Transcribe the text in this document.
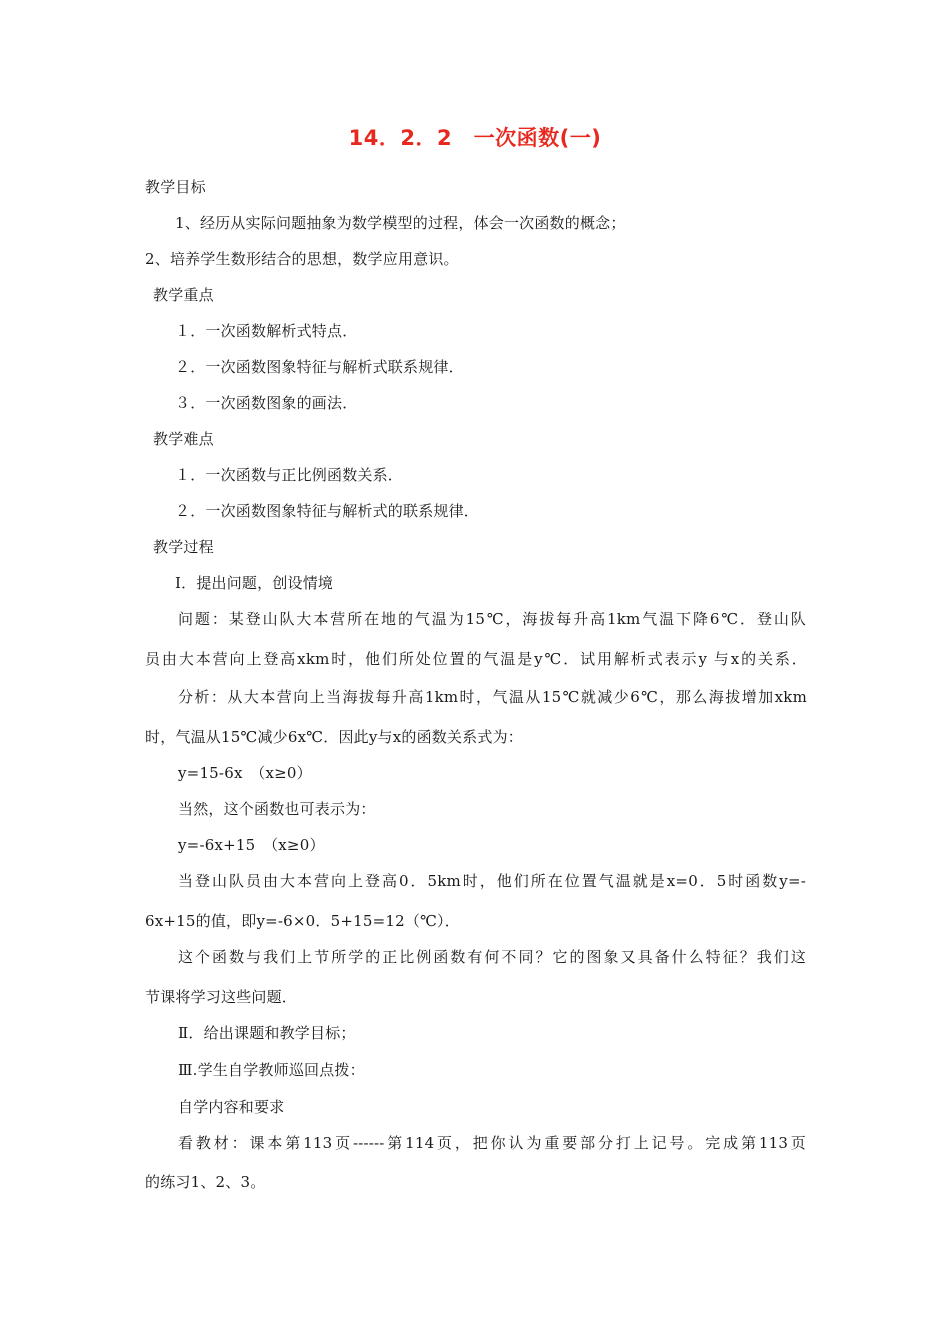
14．2．2　一次函数(一)
教学目标
1、经历从实际问题抽象为数学模型的过程，体会一次函数的概念；
2、培养学生数形结合的思想，数学应用意识。
教学重点
１．一次函数解析式特点．
２．一次函数图象特征与解析式联系规律．
３．一次函数图象的画法．
教学难点
１．一次函数与正比例函数关系．
２．一次函数图象特征与解析式的联系规律．
教学过程
Ⅰ．提出问题，创设情境
问题：某登山队大本营所在地的气温为15℃，海拔每升高1km气温下降6℃．登山队
员由大本营向上登高xkm时，他们所处位置的气温是y℃．试用解析式表示y 与x的关系．
分析：从大本营向上当海拔每升高1km时，气温从15℃就减少6℃，那么海拔增加xkm
时，气温从15℃减少6x℃．因此y与x的函数关系式为：
y=15-6x　（x≥0）
当然，这个函数也可表示为：
y=-6x+15　（x≥0）
当登山队员由大本营向上登高0．5km时，他们所在位置气温就是x=0．5时函数y=-
6x+15的值，即y=-6×0．5+15=12（℃）．
这个函数与我们上节所学的正比例函数有何不同？它的图象又具备什么特征？我们这
节课将学习这些问题．
Ⅱ．给出课题和教学目标；
Ⅲ.学生自学教师巡回点拨：
自学内容和要求
看教材：课本第113页------第114页，把你认为重要部分打上记号。完成第113页
的练习1、2、3。
